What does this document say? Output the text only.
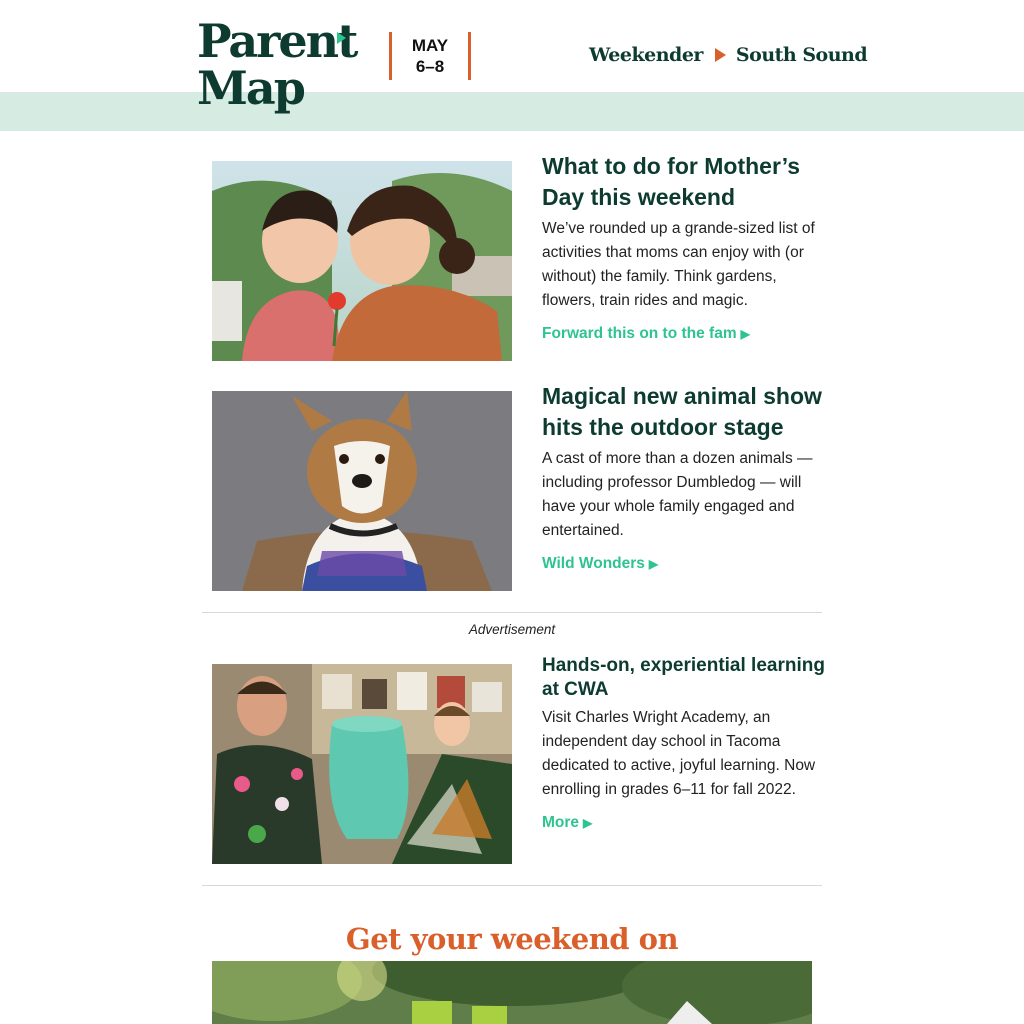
Parent
Map
MAY
6–8
Weekender South Sound
What to do for Mother’s Day this weekend

We’ve rounded up a grande-sized list of activities that moms can enjoy with (or without) the family. Think gardens, flowers, train rides and magic.

Forward this on to the fam ▶
Magical new animal show hits the outdoor stage

A cast of more than a dozen animals — including professor Dumbledog — will have your whole family engaged and entertained.

Wild Wonders ▶
Advertisement
Hands-on, experiential learning at CWA

Visit Charles Wright Academy, an independent day school in Tacoma dedicated to active, joyful learning. Now enrolling in grades 6–11 for fall 2022.

More ▶
Get your weekend on
